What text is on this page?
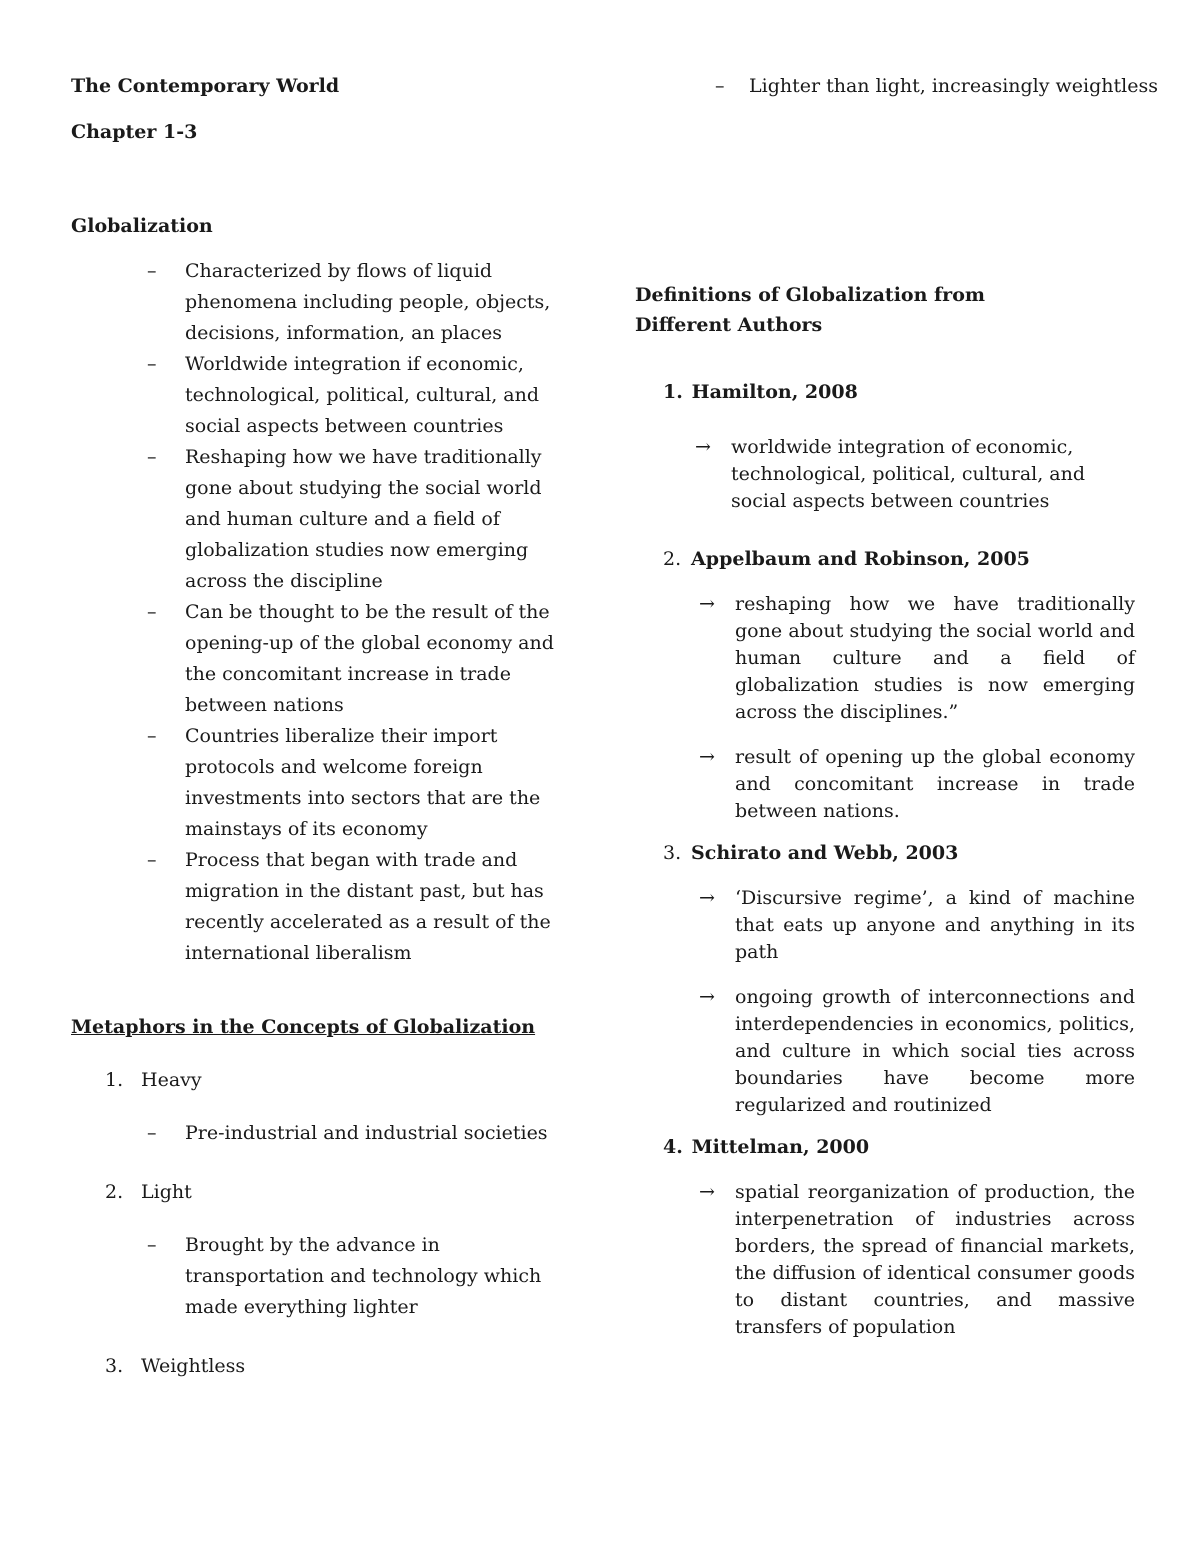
The Contemporary World
Chapter 1-3
Globalization
– Characterized by flows of liquid phenomena including people, objects, decisions, information, an places
– Worldwide integration if economic, technological, political, cultural, and social aspects between countries
– Reshaping how we have traditionally gone about studying the social world and human culture and a field of globalization studies now emerging across the discipline
– Can be thought to be the result of the opening-up of the global economy and the concomitant increase in trade between nations
– Countries liberalize their import protocols and welcome foreign investments into sectors that are the mainstays of its economy
– Process that began with trade and migration in the distant past, but has recently accelerated as a result of the international liberalism
Metaphors in the Concepts of Globalization
1. Heavy
– Pre-industrial and industrial societies
2. Light
– Brought by the advance in transportation and technology which made everything lighter
3. Weightless
– Lighter than light, increasingly weightless
Definitions of Globalization from Different Authors
1. Hamilton, 2008
→ worldwide integration of economic, technological, political, cultural, and social aspects between countries
2. Appelbaum and Robinson, 2005
→ reshaping how we have traditionally gone about studying the social world and human culture and a field of globalization studies is now emerging across the disciplines.”
→ result of opening up the global economy and concomitant increase in trade between nations.
3. Schirato and Webb, 2003
→ ‘Discursive regime’, a kind of machine that eats up anyone and anything in its path
→ ongoing growth of interconnections and interdependencies in economics, politics, and culture in which social ties across boundaries have become more regularized and routinized
4. Mittelman, 2000
→ spatial reorganization of production, the interpenetration of industries across borders, the spread of financial markets, the diffusion of identical consumer goods to distant countries, and massive transfers of population
